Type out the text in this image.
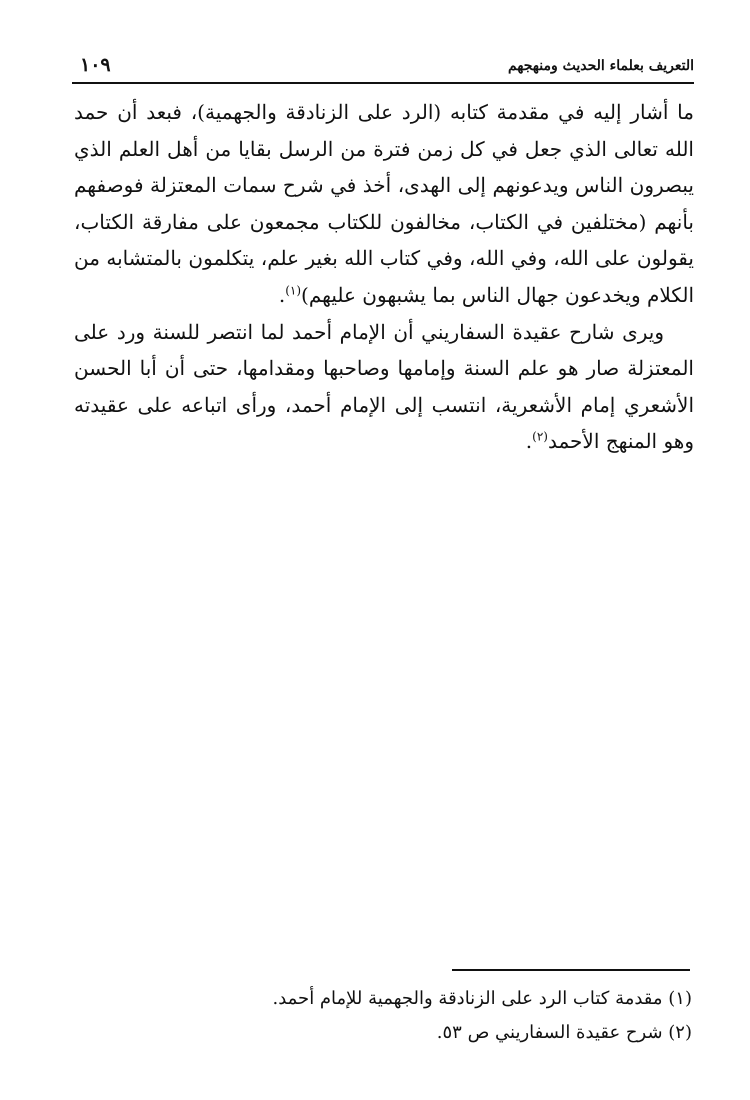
التعريف بعلماء الحديث ومنهجهم
١٠٩

ما أشار إليه في مقدمة كتابه (الرد على الزنادقة والجهمية)، فبعد أن حمد الله تعالى الذي جعل في كل زمن فترة من الرسل بقايا من أهل العلم الذي يبصرون الناس ويدعونهم إلى الهدى، أخذ في شرح سمات المعتزلة فوصفهم بأنهم (مختلفين في الكتاب، مخالفون للكتاب مجمعون على مفارقة الكتاب، يقولون على الله، وفي الله، وفي كتاب الله بغير علم، يتكلمون بالمتشابه من الكلام ويخدعون جهال الناس بما يشبهون عليهم)$^{(١)}$.

ويرى شارح عقيدة السفاريني أن الإمام أحمد لما انتصر للسنة ورد على المعتزلة صار هو علم السنة وإمامها وصاحبها ومقدامها، حتى أن أبا الحسن الأشعري إمام الأشعرية، انتسب إلى الإمام أحمد، ورأى اتباعه على عقيدته وهو المنهج الأحمد$^{(٢)}$.

(١) مقدمة كتاب الرد على الزنادقة والجهمية للإمام أحمد.

(٢) شرح عقيدة السفاريني ص ٥٣.
